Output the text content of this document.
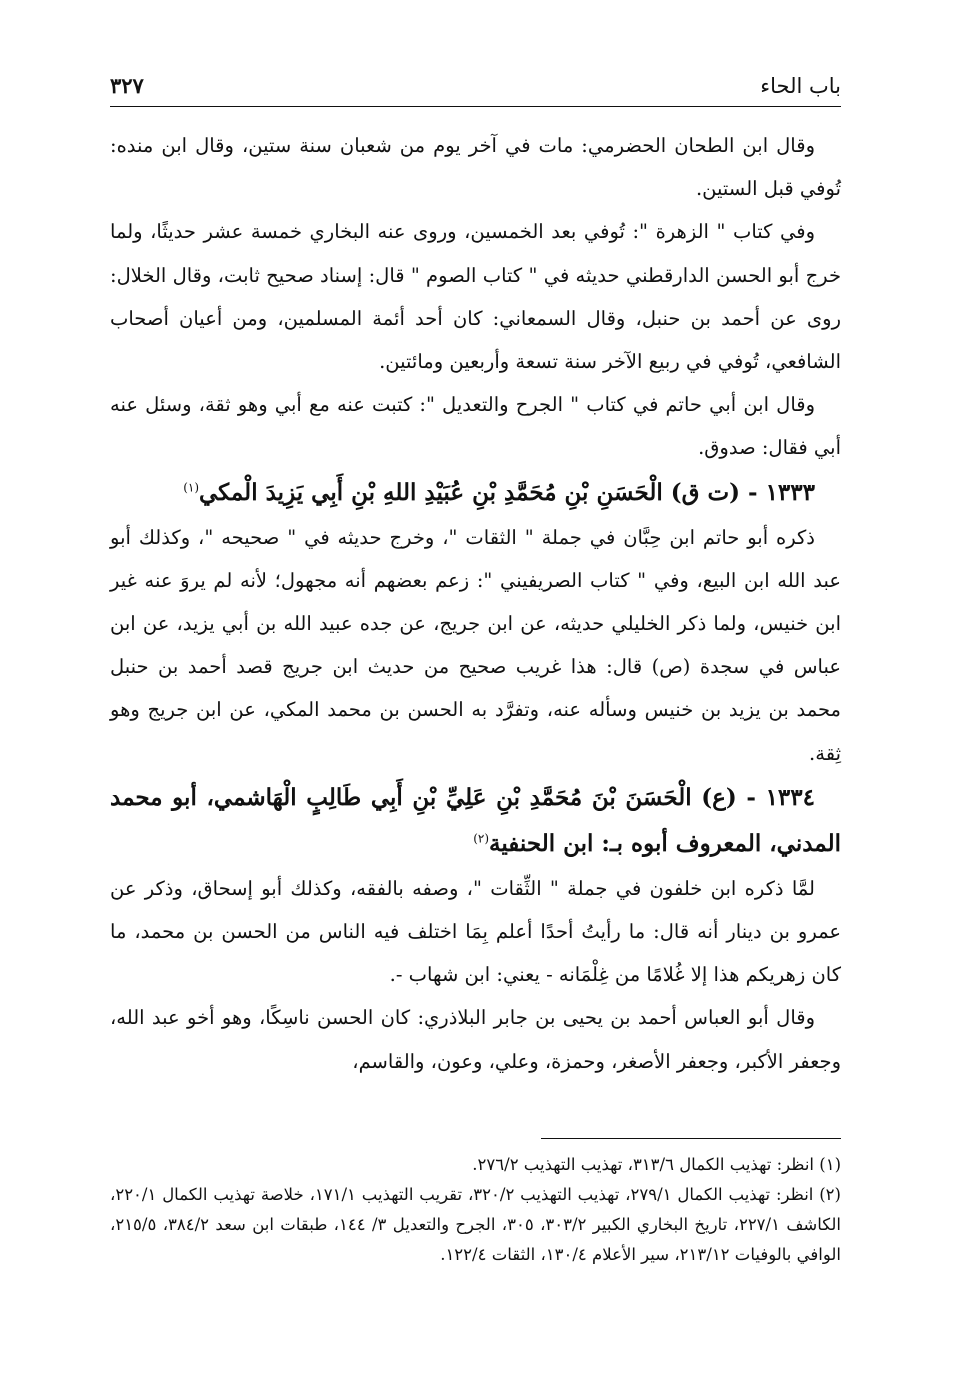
باب الحاء
٣٢٧

وقال ابن الطحان الحضرمي: مات في آخر يوم من شعبان سنة ستين، وقال ابن منده: تُوفي قبل الستين.

وفي كتاب " الزهرة ": تُوفي بعد الخمسين، وروى عنه البخاري خمسة عشر حديثًا، ولما خرج أبو الحسن الدارقطني حديثه في " كتاب الصوم " قال: إسناد صحيح ثابت، وقال الخلال: روى عن أحمد بن حنبل، وقال السمعاني: كان أحد أئمة المسلمين، ومن أعيان أصحاب الشافعي، تُوفي في ربيع الآخر سنة تسعة وأربعين ومائتين.

وقال ابن أبي حاتم في كتاب " الجرح والتعديل ": كتبت عنه مع أبي وهو ثقة، وسئل عنه أبي فقال: صدوق.

١٣٣٣ - (ت ق) الْحَسَنِ بْنِ مُحَمَّدِ بْنِ عُبَيْدِ اللهِ بْنِ أَبِي يَزِيدَ الْمكي$^{(١)}$

ذكره أبو حاتم ابن حِبَّان في جملة " الثقات "، وخرج حديثه في " صحيحه "، وكذلك أبو عبد الله ابن البيع، وفي " كتاب الصريفيني ": زعم بعضهم أنه مجهول؛ لأنه لم يروَ عنه غير ابن خنيس، ولما ذكر الخليلي حديثه، عن ابن جريج، عن جده عبيد الله بن أبي يزيد، عن ابن عباس في سجدة (ص) قال: هذا غريب صحيح من حديث ابن جريج قصد أحمد بن حنبل محمد بن يزيد بن خنيس وسأله عنه، وتفرَّد به الحسن بن محمد المكي، عن ابن جريج وهو ثِقة.

١٣٣٤ - (ع) الْحَسَنَ بْنَ مُحَمَّدِ بْنِ عَلِيِّ بْنِ أَبِي طَالِبٍ الْهَاشمي، أبو محمد المدني، المعروف أبوه بـ: ابن الحنفية$^{(٢)}$

لمَّا ذكره ابن خلفون في جملة " الثِّقات "، وصفه بالفقه، وكذلك أبو إسحاق، وذكر عن عمرو بن دينار أنه قال: ما رأيتُ أحدًا أعلم بِمَا اختلف فيه الناس من الحسن بن محمد، ما كان زهريكم هذا إلا غُلامًا من غِلْمَانه - يعني: ابن شهاب -.

وقال أبو العباس أحمد بن يحيى بن جابر البلاذري: كان الحسن ناسِكًا، وهو أخو عبد الله، وجعفر الأكبر، وجعفر الأصغر، وحمزة، وعلي، وعون، والقاسم،

(١) انظر: تهذيب الكمال ٣١٣/٦، تهذيب التهذيب ٢٧٦/٢.

(٢) انظر: تهذيب الكمال ٢٧٩/١، تهذيب التهذيب ٣٢٠/٢، تقريب التهذيب ١٧١/١، خلاصة تهذيب الكمال ٢٢٠/١، الكاشف ٢٢٧/١، تاريخ البخاري الكبير ٣٠٣/٢، ٣٠٥، الجرح والتعديل ٣/ ١٤٤، طبقات ابن سعد ٣٨٤/٢، ٢١٥/٥، الوافي بالوفيات ٢١٣/١٢، سير الأعلام ١٣٠/٤، الثقات ١٢٢/٤.
